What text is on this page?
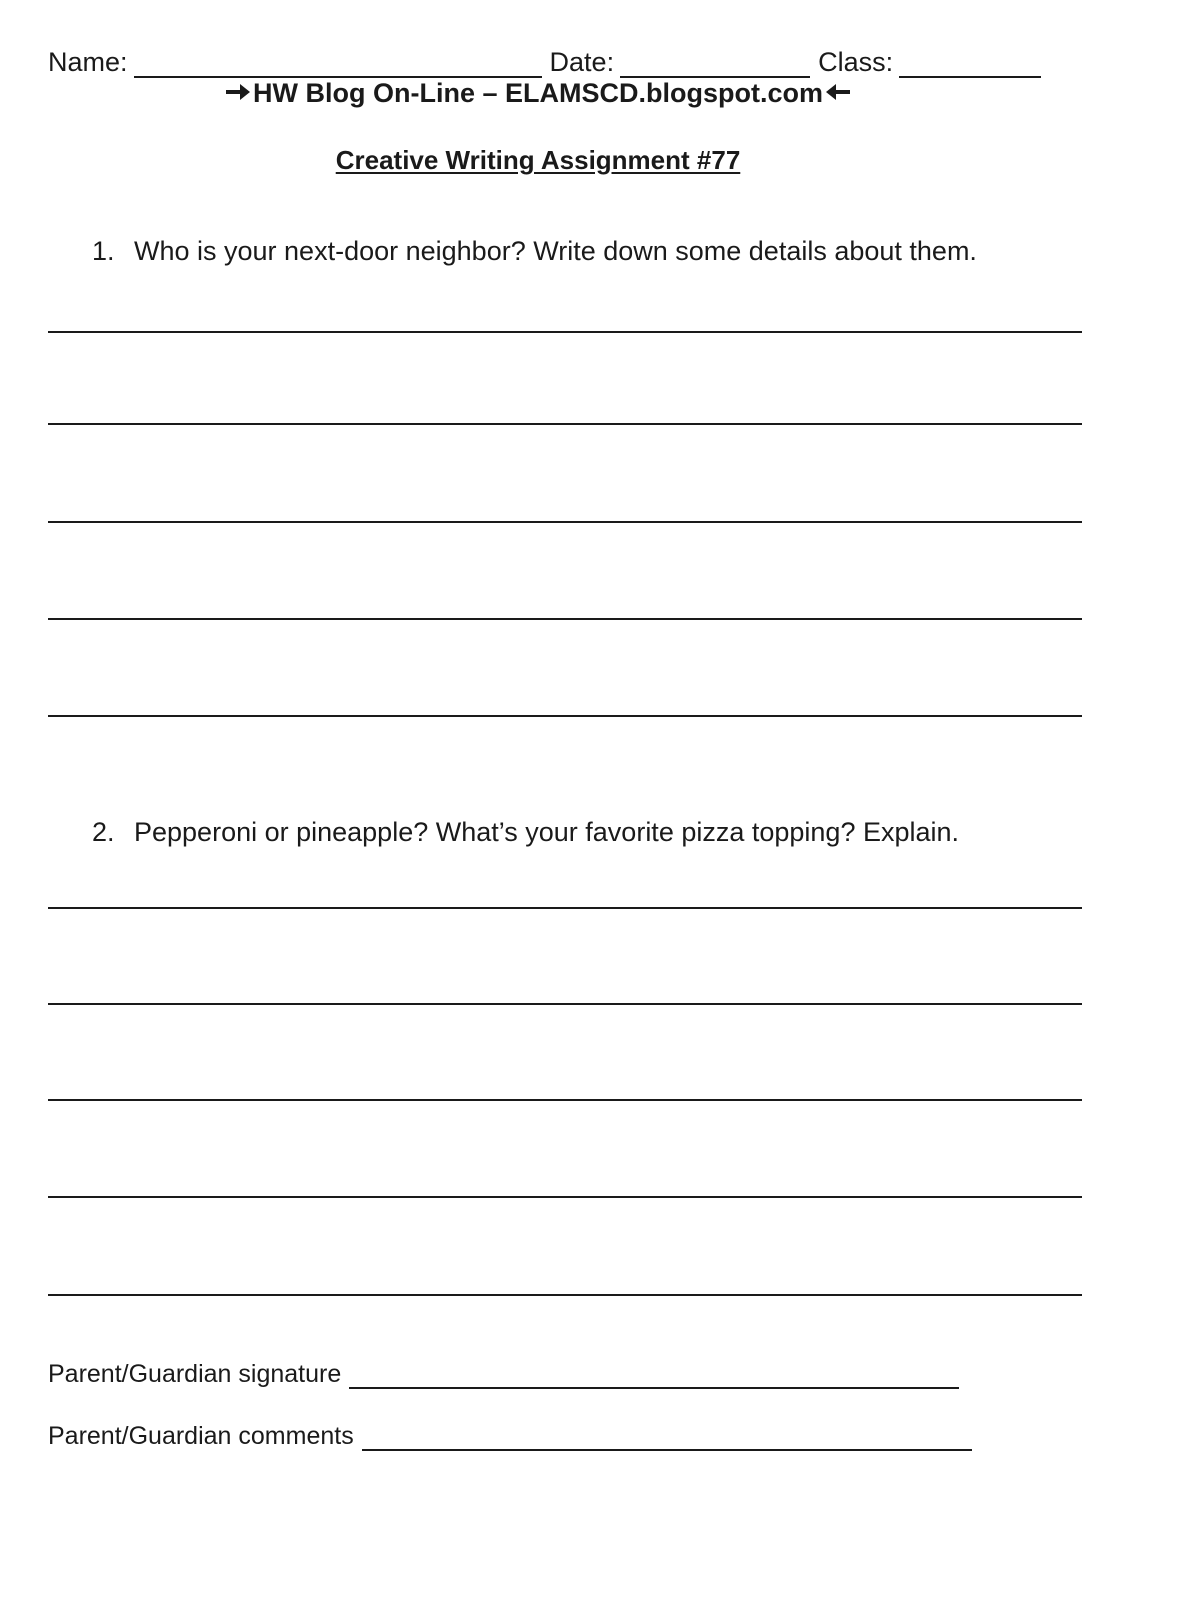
Name:	Date:	Class:
HW Blog On-Line – ELAMSCD.blogspot.com
Creative Writing Assignment #77
1. Who is your next-door neighbor? Write down some details about them.
2. Pepperoni or pineapple? What’s your favorite pizza topping? Explain.
Parent/Guardian signature
Parent/Guardian comments
